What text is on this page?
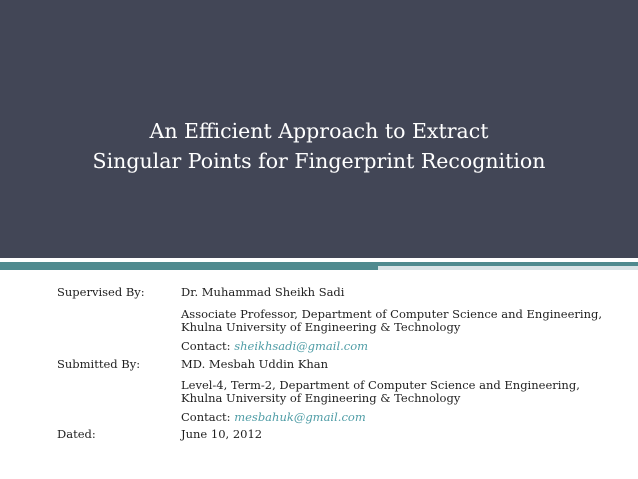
An Efficient Approach to Extract
Singular Points for Fingerprint Recognition
Supervised By:	Dr. Muhammad Sheikh Sadi
Associate Professor, Department of Computer Science and Engineering,
Khulna University of Engineering & Technology
Contact: sheikhsadi@gmail.com
Submitted By:	MD. Mesbah Uddin Khan
Level-4, Term-2, Department of Computer Science and Engineering,
Khulna University of Engineering & Technology
Contact: mesbahuk@gmail.com
Dated:	June 10, 2012
